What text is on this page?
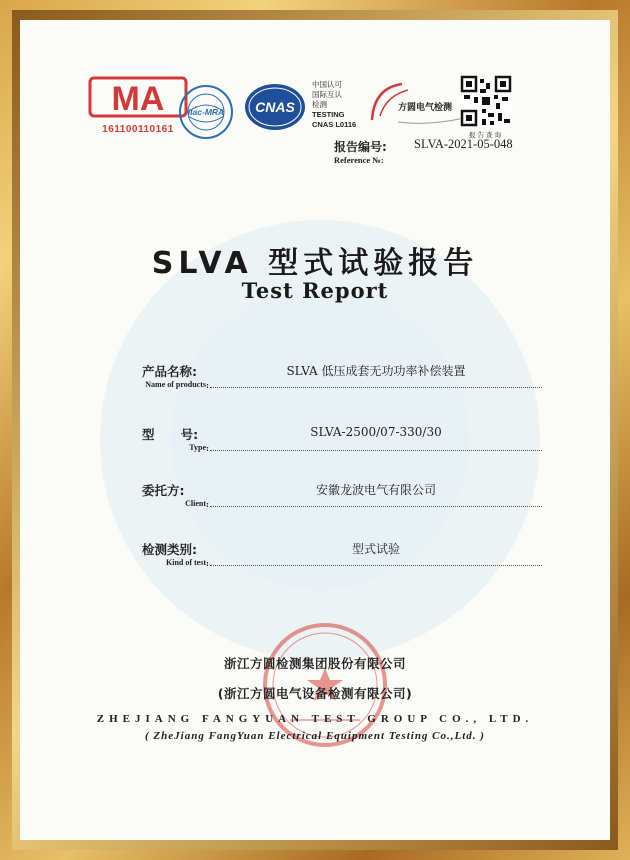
MA
161100110161
ilac-MRA CNAS
中国认可
国际互认
检测
TESTING
CNAS L0116
方圆电气检测
报告查询
报告编号:
Reference №:
SLVA-2021-05-048
SLVA 型式试验报告
Test Report
产品名称:
Name of products :
SLVA 低压成套无功功率补偿装置
型      号:
Type :
SLVA-2500/07-330/30
委托方:
Client :
安徽龙波电气有限公司
检测类别:
Kind of test :
型式试验
浙江方圆检测集团股份有限公司
(浙江方圆电气设备检测有限公司)
ZHEJIANG FANGYUAN TEST GROUP CO., LTD.
( ZheJiang FangYuan Electrical Equipment Testing Co.,Ltd. )
